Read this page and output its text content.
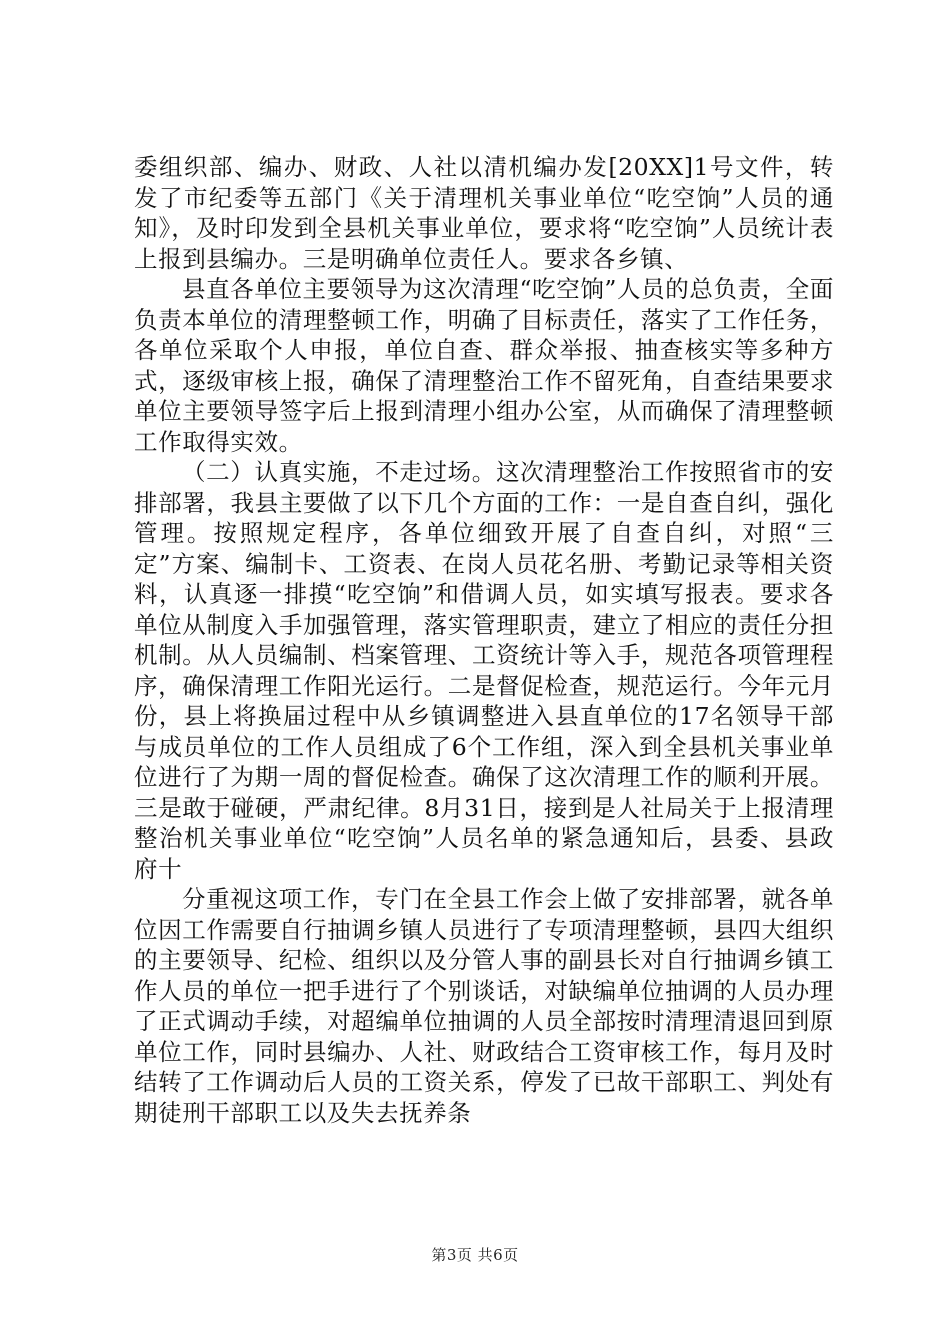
委组织部、编办、财政、人社以清机编办发[20XX]1号文件，转发了市纪委等五部门《关于清理机关事业单位“吃空饷”人员的通知》，及时印发到全县机关事业单位，要求将“吃空饷”人员统计表上报到县编办。三是明确单位责任人。要求各乡镇、

县直各单位主要领导为这次清理“吃空饷”人员的总负责，全面负责本单位的清理整顿工作，明确了目标责任，落实了工作任务，各单位采取个人申报，单位自查、群众举报、抽查核实等多种方式，逐级审核上报，确保了清理整治工作不留死角，自查结果要求单位主要领导签字后上报到清理小组办公室，从而确保了清理整顿工作取得实效。

（二）认真实施，不走过场。这次清理整治工作按照省市的安排部署，我县主要做了以下几个方面的工作：一是自查自纠，强化管理。按照规定程序，各单位细致开展了自查自纠，对照“三定”方案、编制卡、工资表、在岗人员花名册、考勤记录等相关资料，认真逐一排摸“吃空饷”和借调人员，如实填写报表。要求各单位从制度入手加强管理，落实管理职责，建立了相应的责任分担机制。从人员编制、档案管理、工资统计等入手，规范各项管理程序，确保清理工作阳光运行。二是督促检查，规范运行。今年元月份，县上将换届过程中从乡镇调整进入县直单位的17名领导干部与成员单位的工作人员组成了6个工作组，深入到全县机关事业单位进行了为期一周的督促检查。确保了这次清理工作的顺利开展。三是敢于碰硬，严肃纪律。8月31日，接到是人社局关于上报清理整治机关事业单位“吃空饷”人员名单的紧急通知后，县委、县政府十

分重视这项工作，专门在全县工作会上做了安排部署，就各单位因工作需要自行抽调乡镇人员进行了专项清理整顿，县四大组织的主要领导、纪检、组织以及分管人事的副县长对自行抽调乡镇工作人员的单位一把手进行了个别谈话，对缺编单位抽调的人员办理了正式调动手续，对超编单位抽调的人员全部按时清理清退回到原单位工作，同时县编办、人社、财政结合工资审核工作，每月及时结转了工作调动后人员的工资关系，停发了已故干部职工、判处有期徒刑干部职工以及失去抚养条

第3页 共6页
